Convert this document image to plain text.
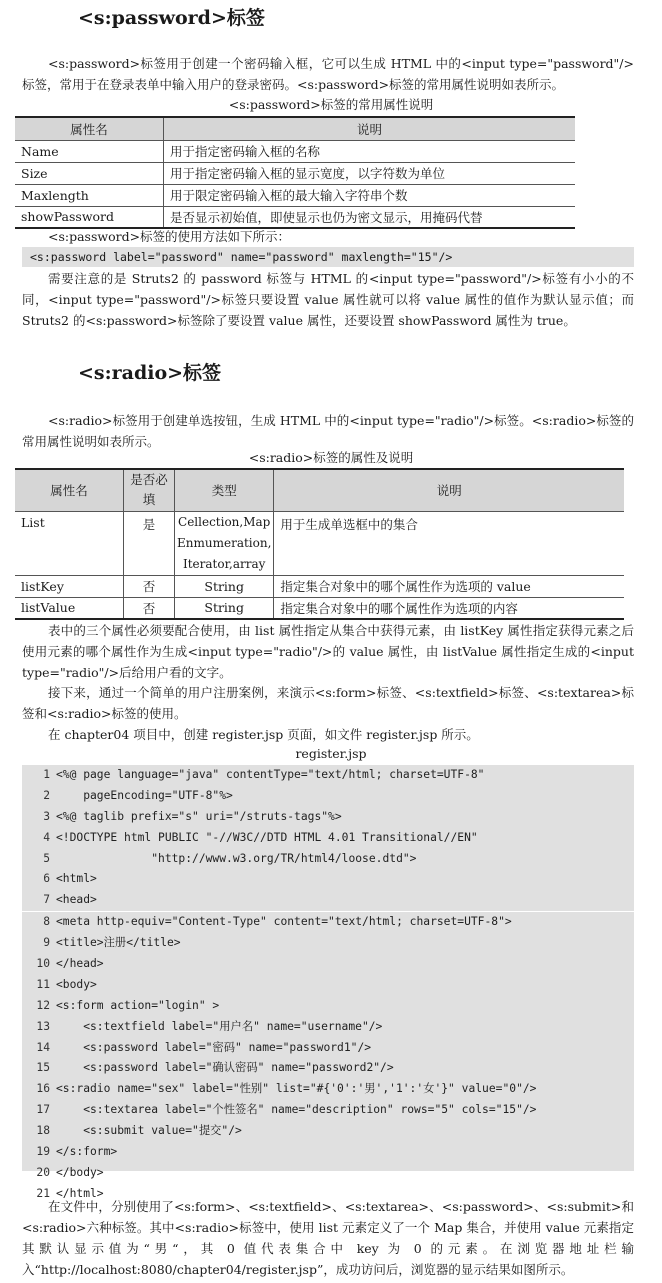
<s:password>标签

<s:password>标签用于创建一个密码输入框，它可以生成 HTML 中的<input type="password"/>标签，常用于在登录表单中输入用户的登录密码。<s:password>标签的常用属性说明如表所示。

<s:password>标签的常用属性说明

属性名	说明
Name	用于指定密码输入框的名称
Size	用于指定密码输入框的显示宽度，以字符数为单位
Maxlength	用于限定密码输入框的最大输入字符串个数
showPassword	是否显示初始值，即使显示也仍为密文显示，用掩码代替

<s:password>标签的使用方法如下所示：

<s:password label="password" name="password" maxlength="15"/>

需要注意的是 Struts2 的 password 标签与 HTML 的<input type="password"/>标签有小小的不同，<input type="password"/>标签只要设置 value 属性就可以将 value 属性的值作为默认显示值；而 Struts2 的<s:password>标签除了要设置 value 属性，还要设置 showPassword 属性为 true。

<s:radio>标签

<s:radio>标签用于创建单选按钮，生成 HTML 中的<input type="radio"/>标签。<s:radio>标签的常用属性说明如表所示。

<s:radio>标签的属性及说明

属性名	是否必填	类型	说明
List	是	Cellection,Map Enmumeration, Iterator,array	用于生成单选框中的集合
listKey	否	String	指定集合对象中的哪个属性作为选项的 value
listValue	否	String	指定集合对象中的哪个属性作为选项的内容

表中的三个属性必须要配合使用，由 list 属性指定从集合中获得元素，由 listKey 属性指定获得元素之后使用元素的哪个属性作为生成<input type="radio"/>的 value 属性，由 listValue 属性指定生成的<input type="radio"/>后给用户看的文字。

接下来，通过一个简单的用户注册案例，来演示<s:form>标签、<s:textfield>标签、<s:textarea>标签和<s:radio>标签的使用。

在 chapter04 项目中，创建 register.jsp 页面，如文件 register.jsp 所示。

register.jsp

1 <%@ page language="java" contentType="text/html; charset=UTF-8"
2    pageEncoding="UTF-8"%>
3 <%@ taglib prefix="s" uri="/struts-tags"%>
4 <!DOCTYPE html PUBLIC "-//W3C//DTD HTML 4.01 Transitional//EN"
5              "http://www.w3.org/TR/html4/loose.dtd">
6 <html>
7 <head>
8 <meta http-equiv="Content-Type" content="text/html; charset=UTF-8">
9 <title>注册</title>
10 </head>
11 <body>
12 <s:form action="login" >
13    <s:textfield label="用户名" name="username"/>
14    <s:password label="密码" name="password1"/>
15    <s:password label="确认密码" name="password2"/>
16 <s:radio name="sex" label="性别" list="#{'0':'男','1':'女'}" value="0"/>
17    <s:textarea label="个性签名" name="description" rows="5" cols="15"/>
18    <s:submit value="提交"/>
19 </s:form>
20 </body>
21 </html>

在文件中，分别使用了<s:form>、<s:textfield>、<s:textarea>、<s:password>、<s:submit>和<s:radio>六种标签。其中<s:radio>标签中，使用 list 元素定义了一个 Map 集合，并使用 value 元素指定其默认显示值为“男“，其 0 值代表集合中 key 为 0 的元素。在浏览器地址栏输入“http://localhost:8080/chapter04/register.jsp”，成功访问后，浏览器的显示结果如图所示。
